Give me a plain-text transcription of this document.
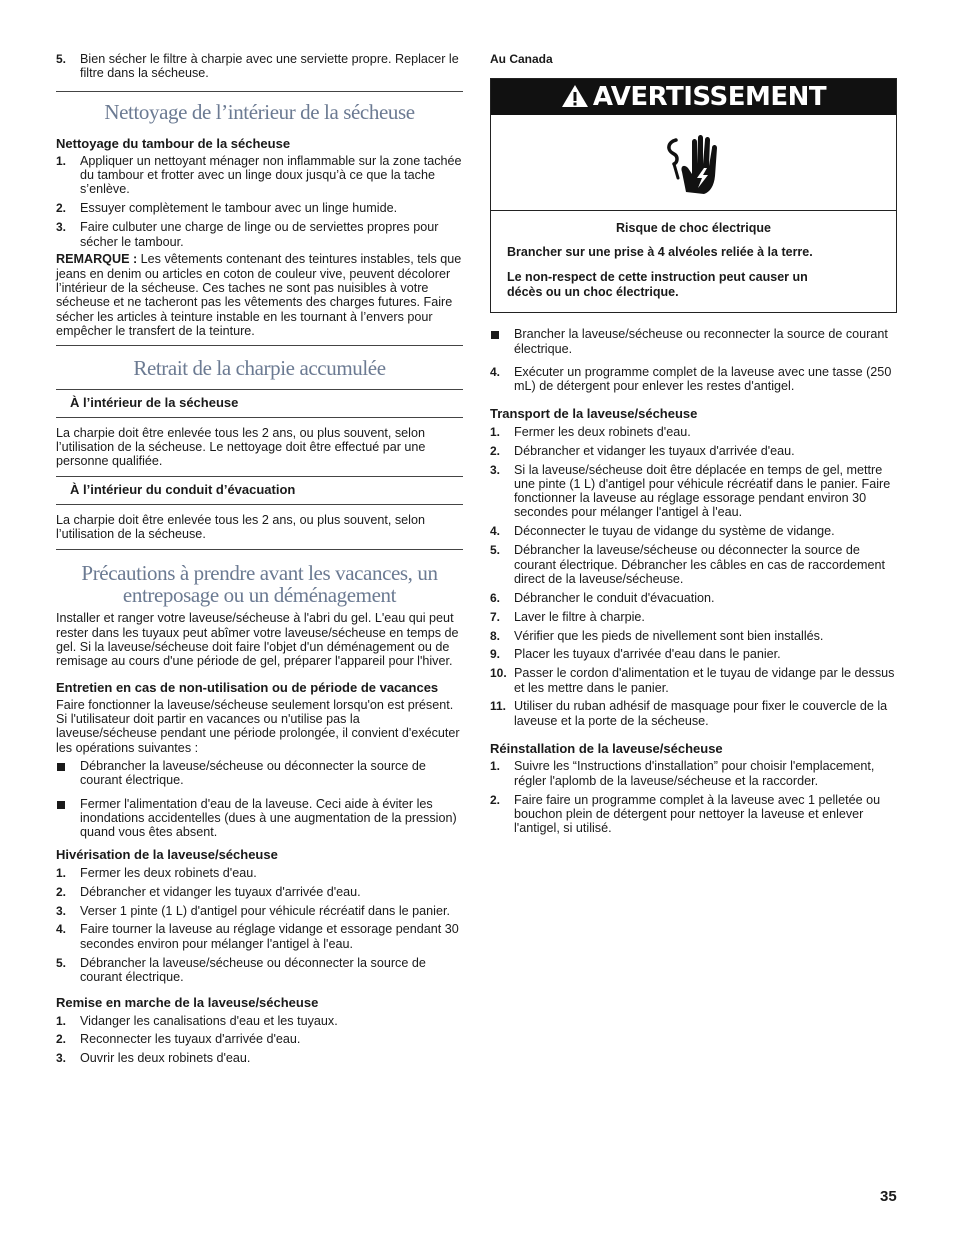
5.	Bien sécher le filtre à charpie avec une serviette propre. Replacer le filtre dans la sécheuse.
Nettoyage de l’intérieur de la sécheuse
Nettoyage du tambour de la sécheuse
1.	Appliquer un nettoyant ménager non inflammable sur la zone tachée du tambour et frotter avec un linge doux jusqu’à ce que la tache s’enlève.
2.	Essuyer complètement le tambour avec un linge humide.
3.	Faire culbuter une charge de linge ou de serviettes propres pour sécher le tambour.

REMARQUE : Les vêtements contenant des teintures instables, tels que jeans en denim ou articles en coton de couleur vive, peuvent décolorer l’intérieur de la sécheuse. Ces taches ne sont pas nuisibles à votre sécheuse et ne tacheront pas les vêtements des charges futures. Faire sécher les articles à teinture instable en les tournant à l’envers pour empêcher le transfert de la teinture.

Retrait de la charpie accumulée
À l’intérieur de la sécheuse

La charpie doit être enlevée tous les 2 ans, ou plus souvent, selon l’utilisation de la sécheuse. Le nettoyage doit être effectué par une personne qualifiée.

À l’intérieur du conduit d’évacuation

La charpie doit être enlevée tous les 2 ans, ou plus souvent, selon l’utilisation de la sécheuse.

Précautions à prendre avant les vacances, un entreposage ou un déménagement

Installer et ranger votre laveuse/sécheuse à l'abri du gel. L'eau qui peut rester dans les tuyaux peut abîmer votre laveuse/sécheuse en temps de gel. Si la laveuse/sécheuse doit faire l'objet d'un déménagement ou de remisage au cours d'une période de gel, préparer l'appareil pour l'hiver.

Entretien en cas de non-utilisation ou de période de vacances

Faire fonctionner la laveuse/sécheuse seulement lorsqu'on est présent. Si l'utilisateur doit partir en vacances ou n'utilise pas la laveuse/sécheuse pendant une période prolongée, il convient d'exécuter les opérations suivantes :

Débrancher la laveuse/sécheuse ou déconnecter la source de courant électrique.
Fermer l'alimentation d'eau de la laveuse. Ceci aide à éviter les inondations accidentelles (dues à une augmentation de la pression) quand vous êtes absent.
Hivérisation de la laveuse/sécheuse
1.	Fermer les deux robinets d'eau.
2.	Débrancher et vidanger les tuyaux d'arrivée d'eau.
3.	Verser 1 pinte (1 L) d'antigel pour véhicule récréatif dans le panier.
4.	Faire tourner la laveuse au réglage vidange et essorage pendant 30 secondes environ pour mélanger l'antigel à l'eau.
5.	Débrancher la laveuse/sécheuse ou déconnecter la source de courant électrique.
Remise en marche de la laveuse/sécheuse
1.	Vidanger les canalisations d'eau et les tuyaux.
2.	Reconnecter les tuyaux d'arrivée d'eau.
3.	Ouvrir les deux robinets d'eau.
Au Canada
AVERTISSEMENT
Risque de choc électrique
Brancher sur une prise à 4 alvéoles reliée à la terre.
Le non-respect de cette instruction peut causer un décès ou un choc électrique.
Brancher la laveuse/sécheuse ou reconnecter la source de courant électrique.
4.	Exécuter un programme complet de la laveuse avec une tasse (250 mL) de détergent pour enlever les restes d'antigel.
Transport de la laveuse/sécheuse
1.	Fermer les deux robinets d'eau.
2.	Débrancher et vidanger les tuyaux d'arrivée d'eau.
3.	Si la laveuse/sécheuse doit être déplacée en temps de gel, mettre une pinte (1 L) d'antigel pour véhicule récréatif dans le panier. Faire fonctionner la laveuse au réglage essorage pendant environ 30 secondes pour mélanger l'antigel à l'eau.
4.	Déconnecter le tuyau de vidange du système de vidange.
5.	Débrancher la laveuse/sécheuse ou déconnecter la source de courant électrique. Débrancher les câbles en cas de raccordement direct de la laveuse/sécheuse.
6.	Débrancher le conduit d'évacuation.
7.	Laver le filtre à charpie.
8.	Vérifier que les pieds de nivellement sont bien installés.
9.	Placer les tuyaux d'arrivée d'eau dans le panier.
10. Passer le cordon d'alimentation et le tuyau de vidange par le dessus et les mettre dans le panier.
11. Utiliser du ruban adhésif de masquage pour fixer le couvercle de la laveuse et la porte de la sécheuse.
Réinstallation de la laveuse/sécheuse
1.	Suivre les “Instructions d'installation” pour choisir l'emplacement, régler l'aplomb de la laveuse/sécheuse et la raccorder.
2.	Faire faire un programme complet à la laveuse avec 1 pelletée ou bouchon plein de détergent pour nettoyer la laveuse et enlever l'antigel, si utilisé.
35
